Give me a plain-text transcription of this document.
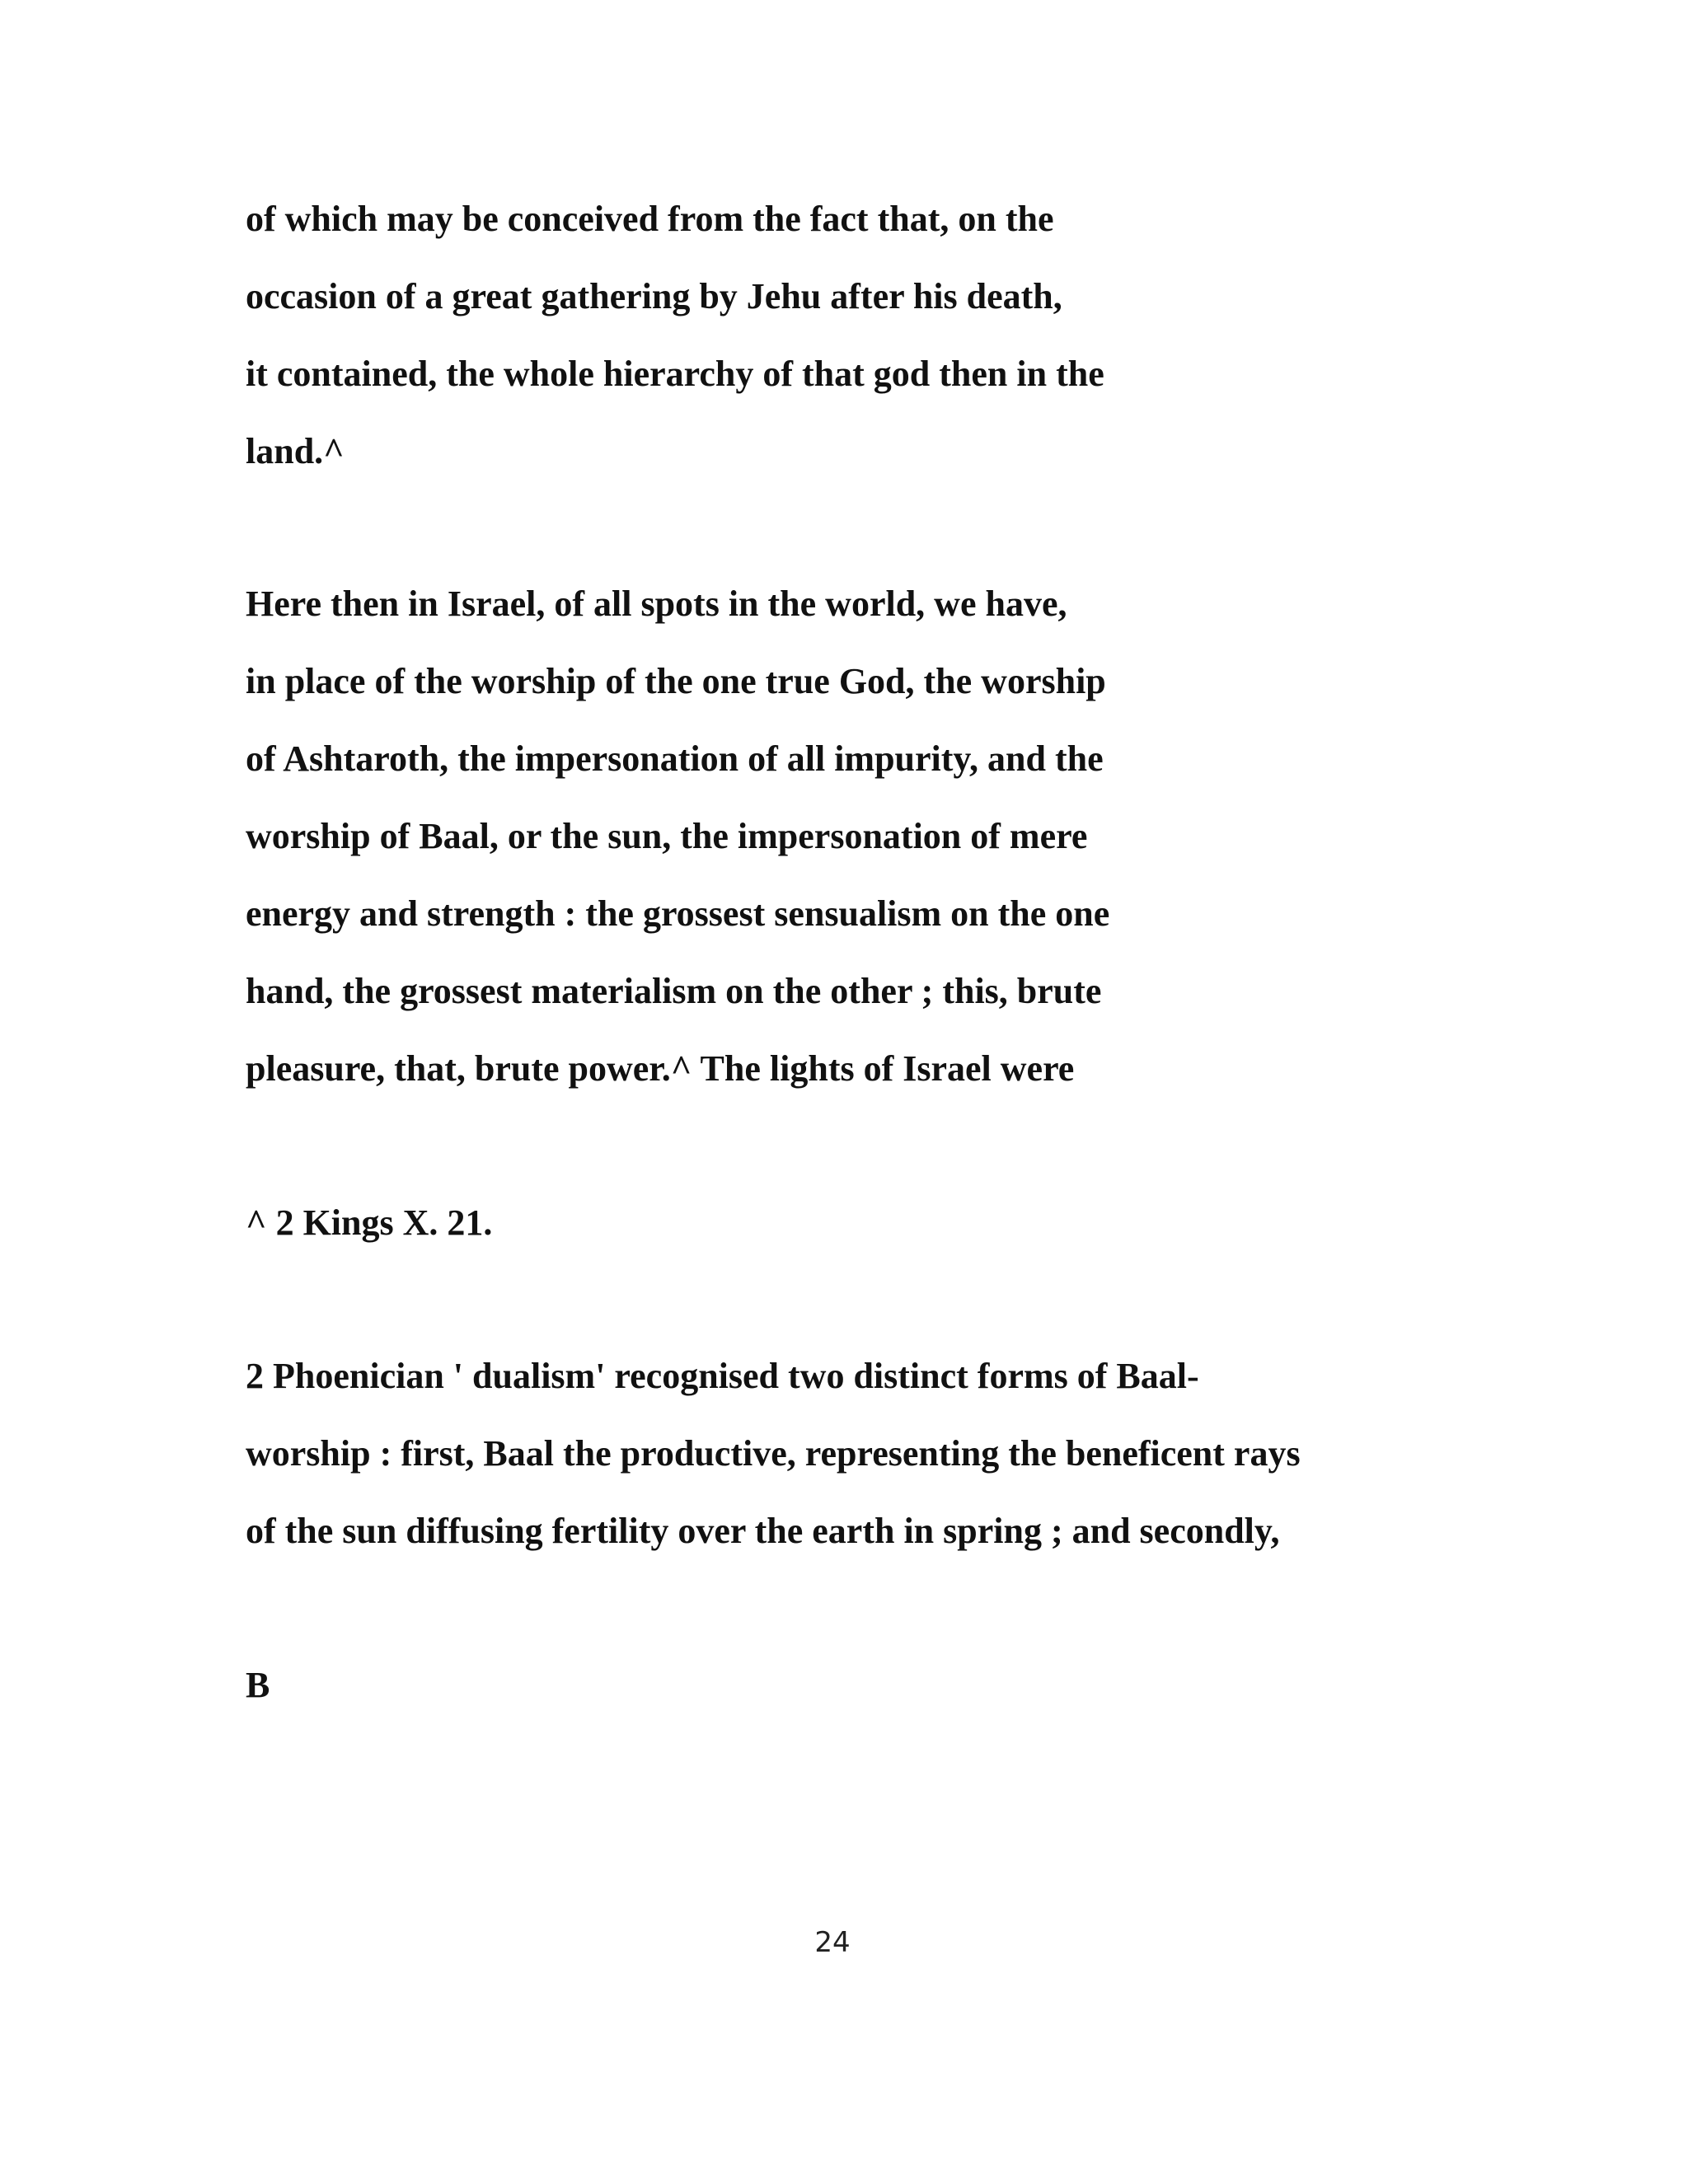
of which may be conceived from the fact that, on the

occasion of a great gathering by Jehu after his death,

it contained, the whole hierarchy of that god then in the

land.^

Here then in Israel, of all spots in the world, we have,

in place of the worship of the one true God, the worship

of Ashtaroth, the impersonation of all impurity, and the

worship of Baal, or the sun, the impersonation of mere

energy and strength : the grossest sensualism on the one

hand, the grossest materialism on the other ; this, brute

pleasure, that, brute power.^ The lights of Israel were

^ 2 Kings X. 21.

2 Phoenician ' dualism' recognised two distinct forms of Baal-

worship : first, Baal the productive, representing the beneficent rays

of the sun diffusing fertility over the earth in spring ; and secondly,

B

24
